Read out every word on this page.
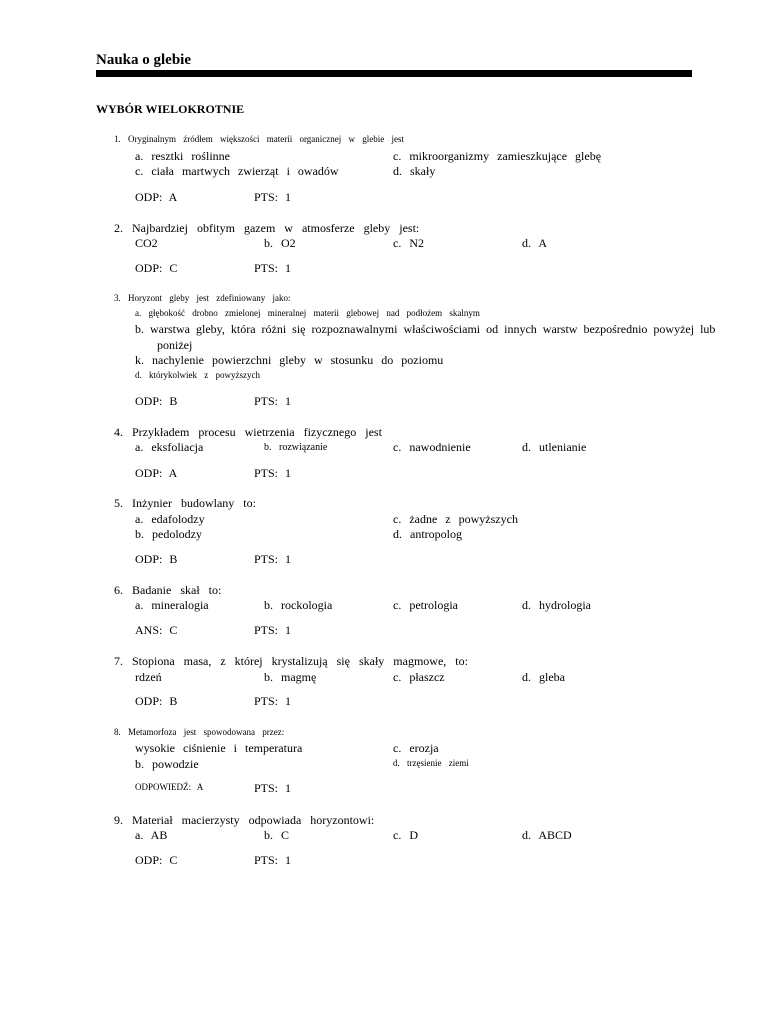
Nauka o glebie
WYBÓR WIELOKROTNIE
1. Oryginalnym źródłem większości materii organicznej w glebie jest
a. resztki roślinne	c. mikroorganizmy zamieszkujące glebę
c. ciała martwych zwierząt i owadów	d. skały
ODP: A	PTS: 1
2. Najbardziej obfitym gazem w atmosferze gleby jest:
CO2	b. O2	c. N2	d. A
ODP: C	PTS: 1
3. Horyzont gleby jest zdefiniowany jako:
a. głębokość drobno zmielonej mineralnej materii glebowej nad podłożem skalnym
b. warstwa gleby, która różni się rozpoznawalnymi właściwościami od innych warstw bezpośrednio powyżej lub
poniżej
k. nachylenie powierzchni gleby w stosunku do poziomu
d. którykolwiek z powyższych
ODP: B	PTS: 1
4. Przykładem procesu wietrzenia fizycznego jest
a. eksfoliacja	b. rozwiązanie	c. nawodnienie	d. utlenianie
ODP: A	PTS: 1
5. Inżynier budowlany to:
a. edafolodzy	c. żadne z powyższych
b. pedolodzy	d. antropolog
ODP: B	PTS: 1
6. Badanie skał to:
a. mineralogia	b. rockologia	c. petrologia	d. hydrologia
ANS: C	PTS: 1
7. Stopiona masa, z której krystalizują się skały magmowe, to:
rdzeń	b. magmę	c. płaszcz	d. gleba
ODP: B	PTS: 1
8. Metamorfoza jest spowodowana przez:
wysokie ciśnienie i temperatura	c. erozja
b. powodzie	d. trzęsienie ziemi
ODPOWIEDŹ: A	PTS: 1
9. Materiał macierzysty odpowiada horyzontowi:
a. AB	b. C	c. D	d. ABCD
ODP: C	PTS: 1
